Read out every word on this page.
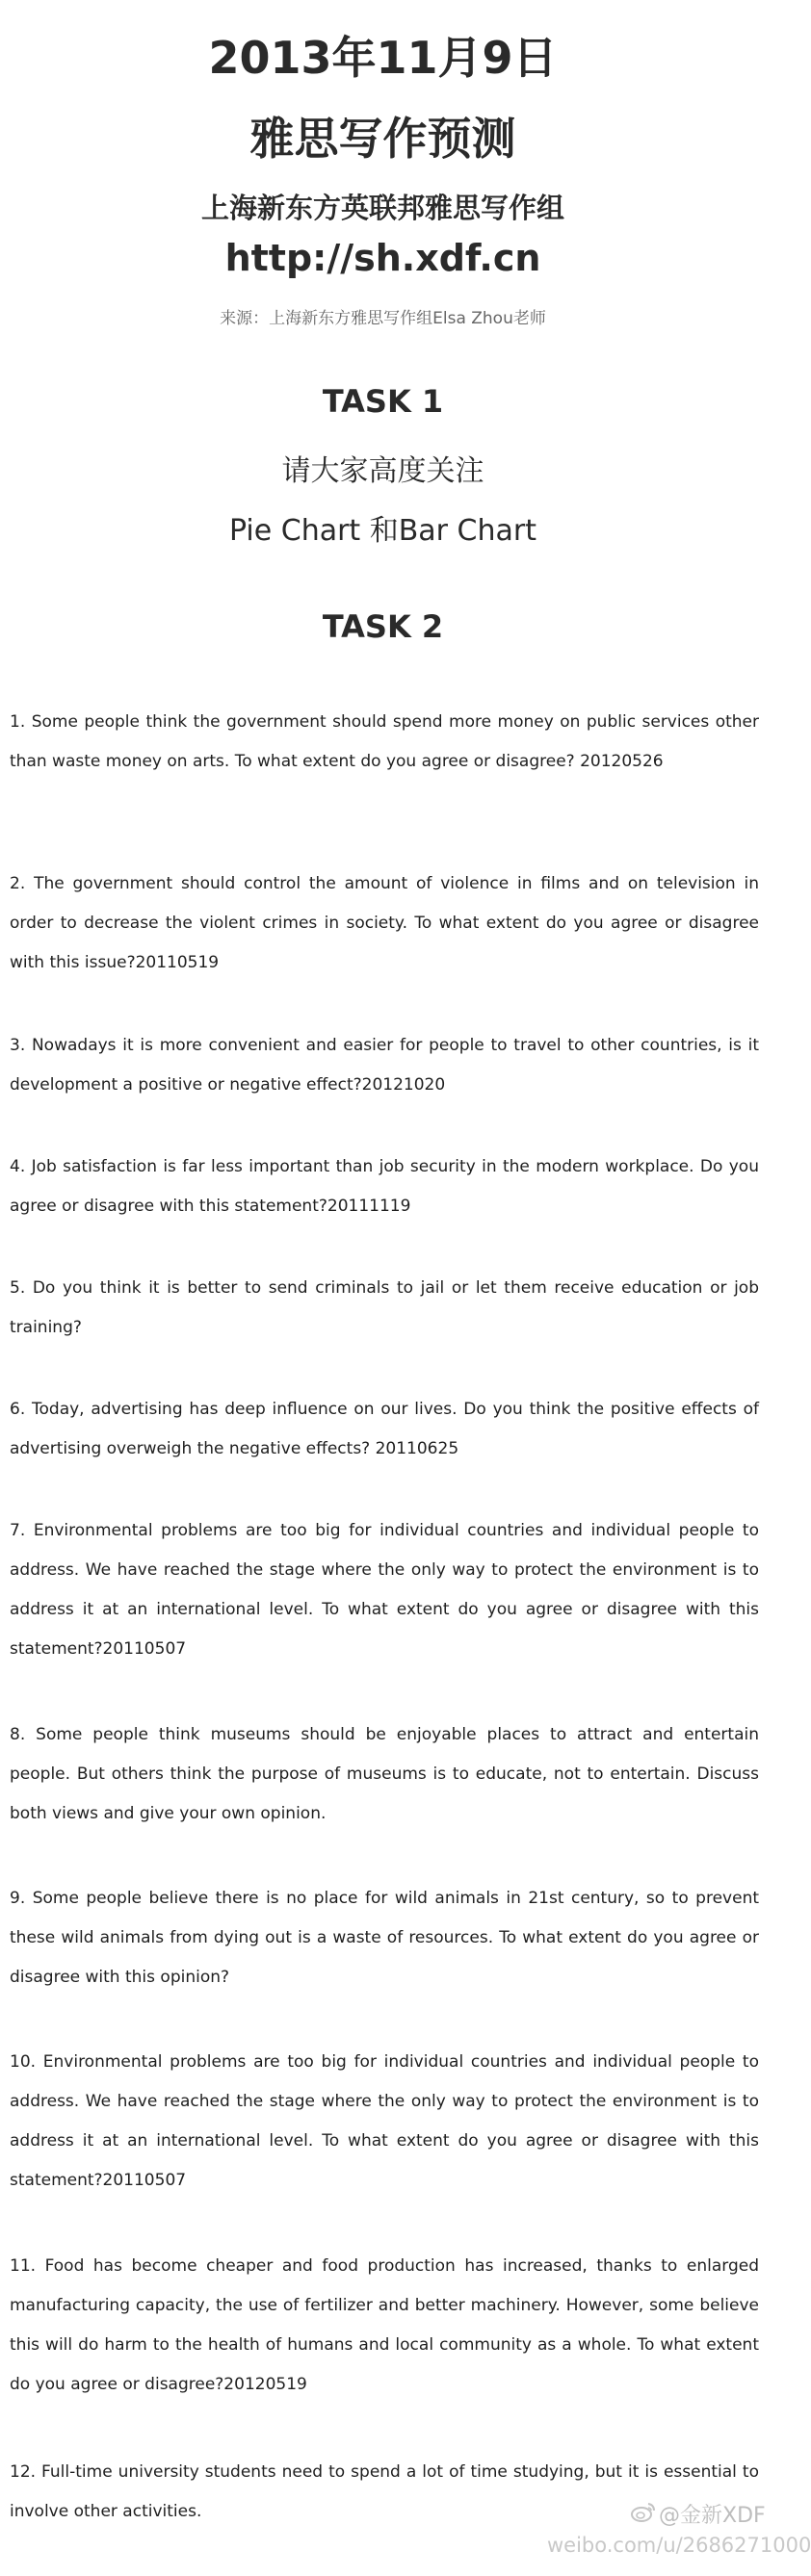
2013年11月9日
雅思写作预测
上海新东方英联邦雅思写作组
http://sh.xdf.cn
来源：上海新东方雅思写作组Elsa Zhou老师
TASK 1
请大家高度关注
Pie Chart 和Bar Chart
TASK 2
1. Some people think the government should spend more money on public services other than waste money on arts. To what extent do you agree or disagree? 20120526
2. The government should control the amount of violence in films and on television in order to decrease the violent crimes in society. To what extent do you agree or disagree with this issue?20110519
3. Nowadays it is more convenient and easier for people to travel to other countries, is it development a positive or negative effect?20121020
4. Job satisfaction is far less important than job security in the modern workplace. Do you agree or disagree with this statement?20111119
5. Do you think it is better to send criminals to jail or let them receive education or job training?
6. Today, advertising has deep influence on our lives. Do you think the positive effects of advertising overweigh the negative effects? 20110625
7. Environmental problems are too big for individual countries and individual people to address. We have reached the stage where the only way to protect the environment is to address it at an international level. To what extent do you agree or disagree with this statement?20110507
8. Some people think museums should be enjoyable places to attract and entertain people. But others think the purpose of museums is to educate, not to entertain. Discuss both views and give your own opinion.
9. Some people believe there is no place for wild animals in 21st century, so to prevent these wild animals from dying out is a waste of resources. To what extent do you agree or disagree with this opinion?
10. Environmental problems are too big for individual countries and individual people to address. We have reached the stage where the only way to protect the environment is to address it at an international level. To what extent do you agree or disagree with this statement?20110507
11. Food has become cheaper and food production has increased, thanks to enlarged manufacturing capacity, the use of fertilizer and better machinery. However, some believe this will do harm to the health of humans and local community as a whole. To what extent do you agree or disagree?20120519
12. Full-time university students need to spend a lot of time studying, but it is essential to involve other activities.	@金新XDF
weibo.com/u/2686271000
